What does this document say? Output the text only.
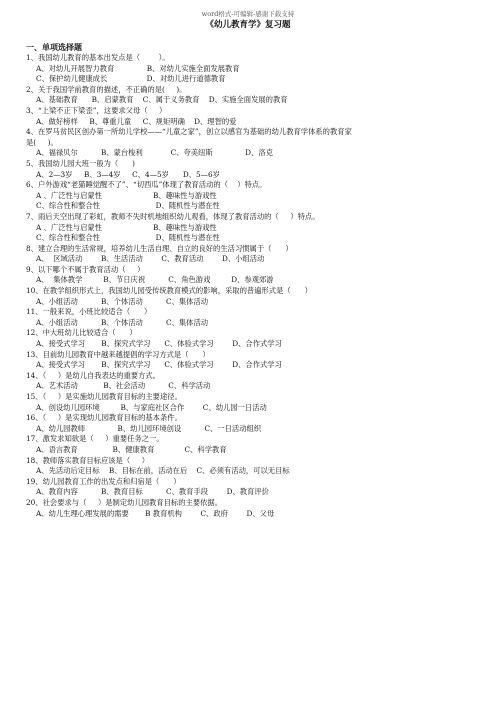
word格式-可编辑-感谢下载支持
《幼儿教育学》复习题
一、单项选择题
1、我国幼儿教育的基本出发点是（        ）。
A、对幼儿开展智力教育              B、对幼儿实施全面发展教育
C、保护幼儿健康成长                 D、对幼儿进行道德教育
2、关于我国学前教育的描述，不正确的是(     )。
A、基础教育      B、启蒙教育    C、属于义务教育    D、实施全面发展的教育
3、“上梁不正下梁歪”，这要求父母（     ）
A、做好榜样     B、尊重儿童     C、规矩明确    D、理智的爱
4、在罗马贫民区创办第一所幼儿学校——“儿童之家”，创立以感官为基础的幼儿教育学体系的教育家
是(     )。
A、福禄贝尔          B、蒙台梭利            C、夸美纽斯              D、洛克
5、我国幼儿园大班一般为（      )
A、2—3岁     B、3—4岁     C、4—5岁      D、5—6岁
6、户外游戏“老猫睡觉醒不了”、“切西瓜”体现了教育活动的（    ）特点。
A 、广泛性与启蒙性                      B、趣味性与游戏性
C、综合性和整合性                        D、随机性与潜在性
7、雨后天空出现了彩虹，教师不失时机地组织幼儿观看，体现了教育活动的（     ）特点。
A 、广泛性与启蒙性                      B、趣味性与游戏性
C、综合性和整合性                        D、随机性与潜在性
8、建立合理的生活常规，培养幼儿生活自理、自立的良好的生活习惯属于（      ）
A、  区域活动        B、生活活动        C、教育活动        D、小组活动
9、以下哪个不属于教育活动（     ）
A、  集体教学         B、节日庆祝          C、角色游戏         D、参观郊游
10、在教学组织形式上，我国幼儿园受传统教育模式的影响，采取的普遍形式是（      ）
A、小组活动          B、个体活动          C、集体活动
11、一般来说，小班比较适合（      ）
A、小组活动          B、个体活动          C、集体活动
12、中大班幼儿比较适合（      ）
A、接受式学习       B、探究式学习      C、体验式学习        D、合作式学习
13、目前幼儿园教育中越来越提倡的学习方式是（      ）
A、接受式学习       B、探究式学习      C、体验式学习        D、合作式学习
14、（     ）是幼儿自我表达的重要方式。
A、艺术活动           B、社会活动          C、科学活动
15、（     ）是实施幼儿园教育目标的主要途径。
A、创设幼儿园环境         B、与家庭社区合作        C、幼儿园一日活动
16、（     ）是实现幼儿园教育目标的基本条件。
A、幼儿园教师              B、幼儿园环境创设          C、一日活动组织
17、激发求知欲是（     ）重要任务之一。
A、语言教育               B、健康教育             C、科学教育
18、教师落实教育目标应该是（     ）
A、先活动后定目标    B、目标在前，活动在后    C、必须有活动，可以无目标
19、幼儿园教育工作的出发点和归宿是（      ）
A、教育内容          B、教育目标          C、教育手段        D、教育评价
20、社会要求与（     ）是制定幼儿园教育目标的主要依据。
A、幼儿生理心理发展的需要       B 教育机构        C、政府        D、父母
